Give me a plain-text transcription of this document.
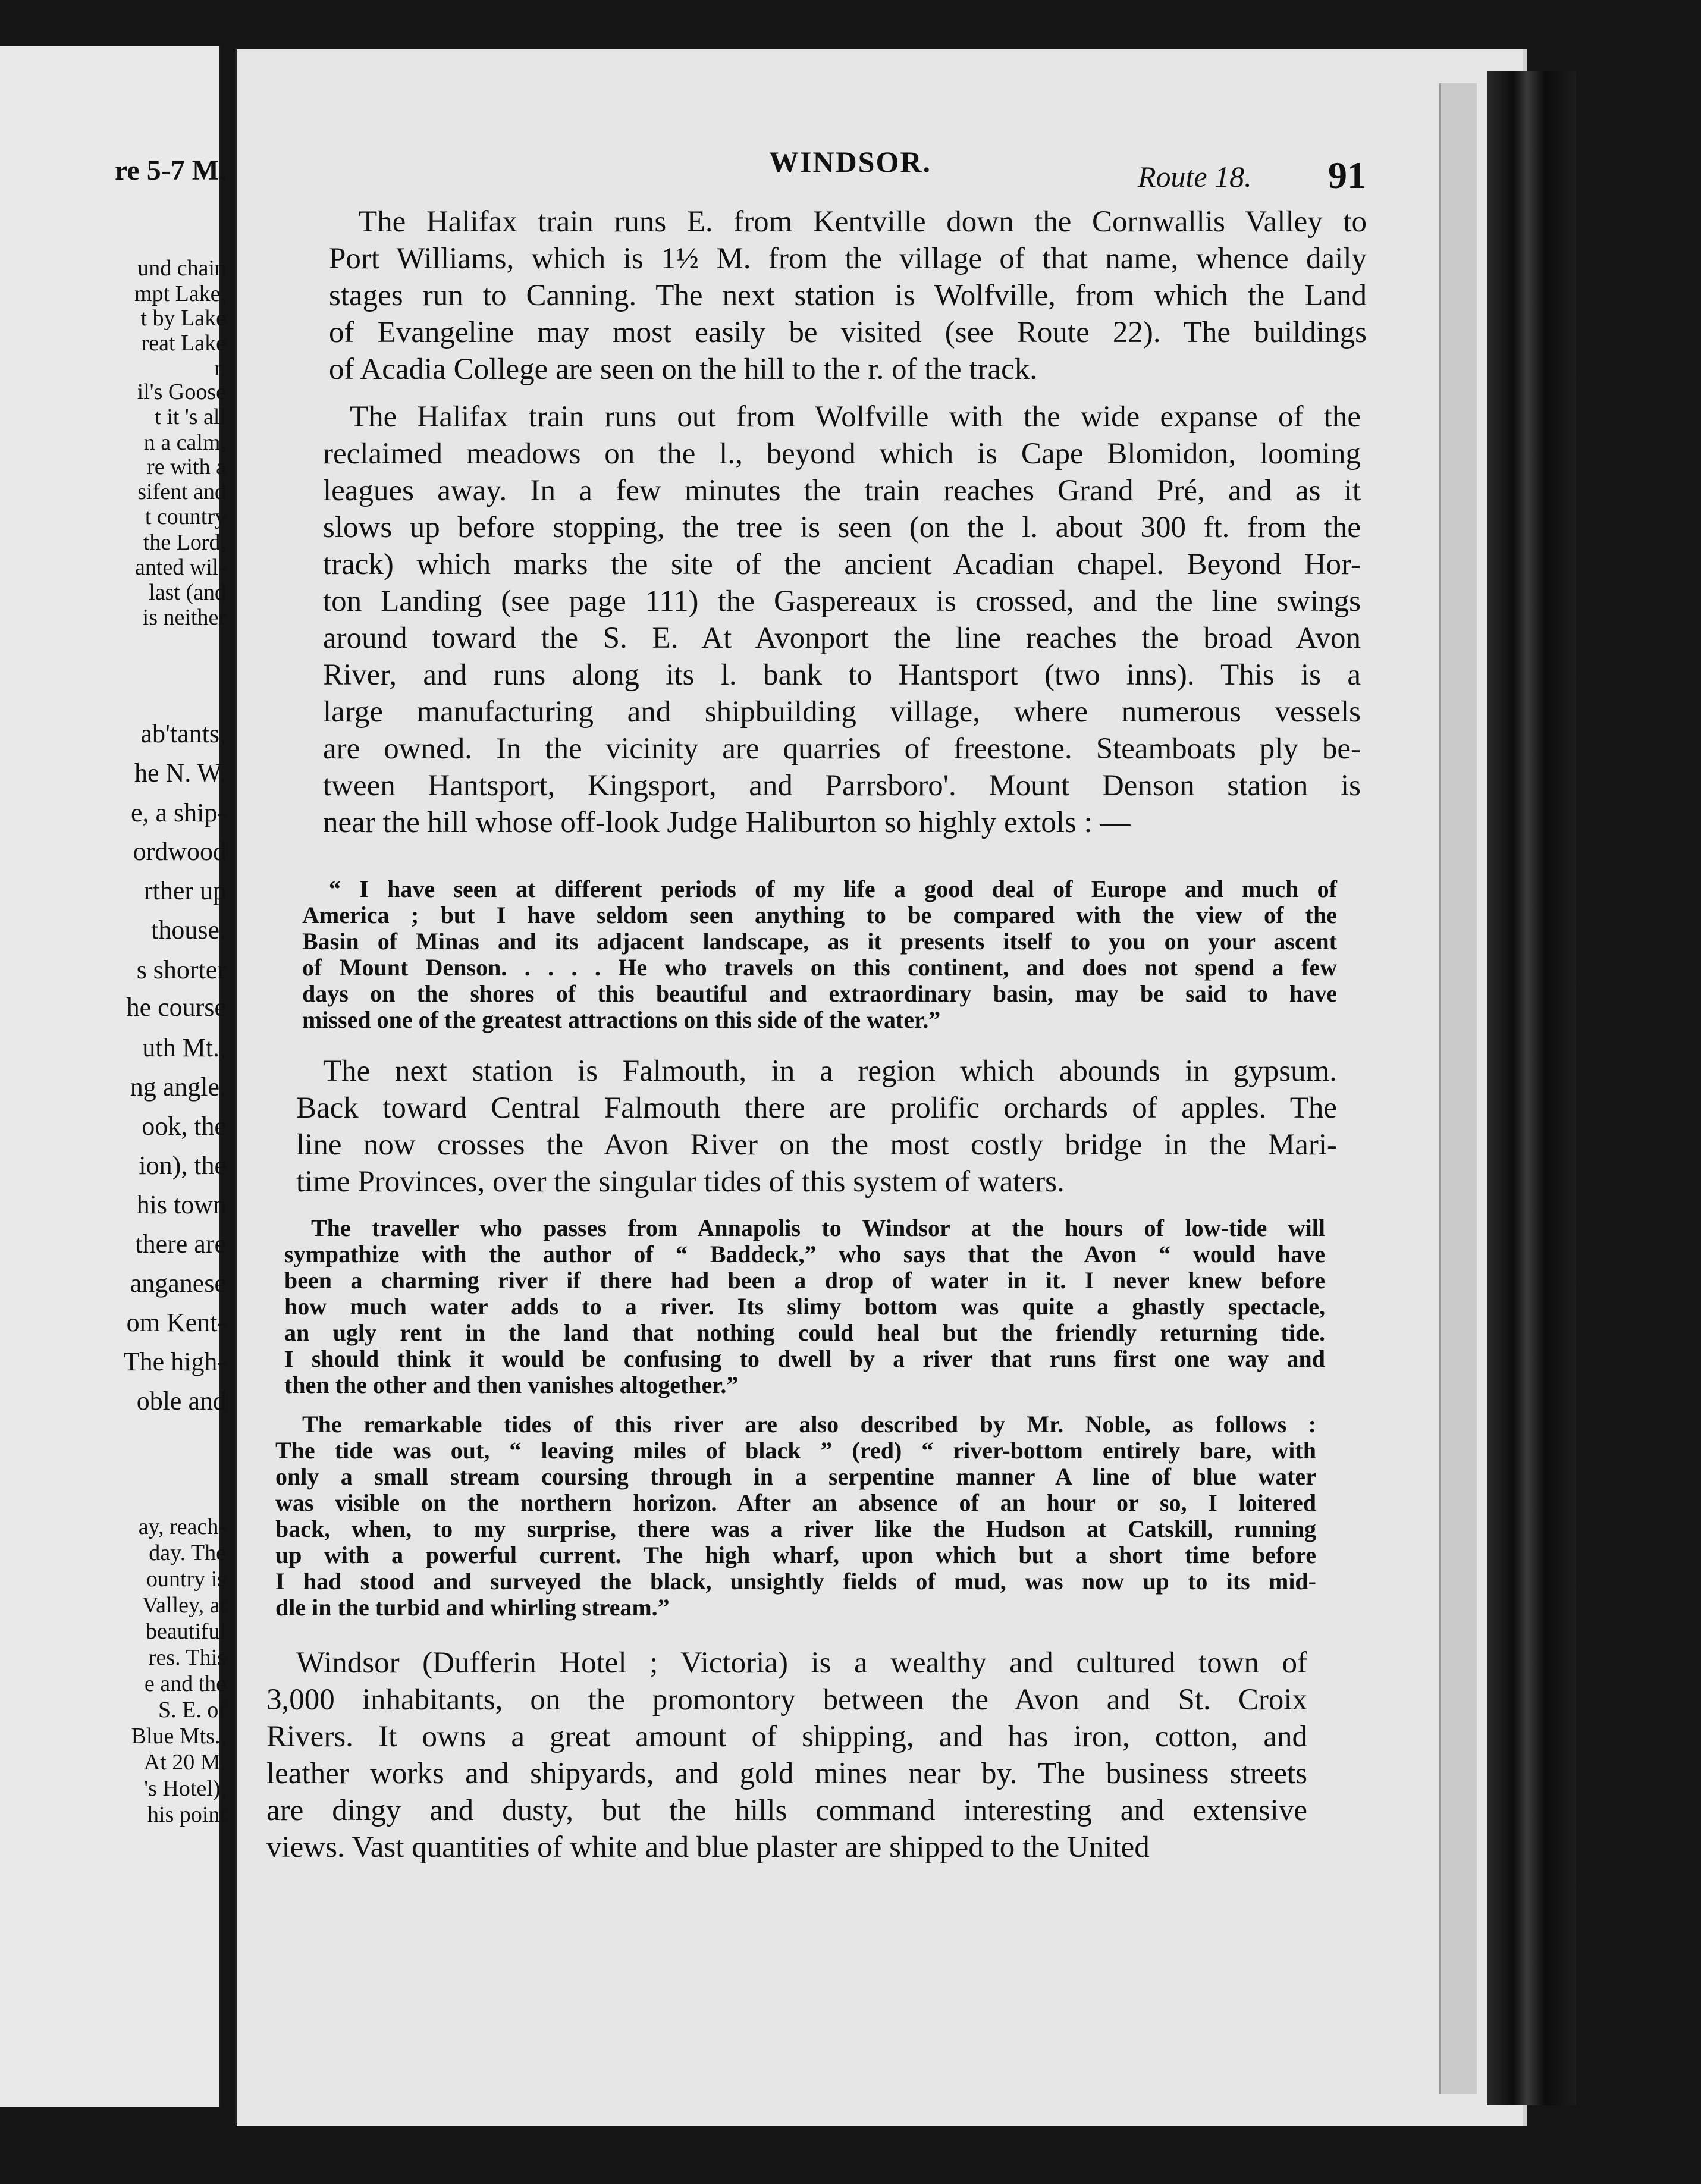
re 5-7 M.
und chain
mpt Lake,
t by Lake
reat Lake
r.
il's Goose
t it 's all
n a calm,
re with a
sifent and
t country
the Lord,
anted wil-
last (and
is neither
ab'tants,
he N. W.
e, a ship-
ordwood
rther up
thouse.
s shorter
he course
uth Mt.,
ng angle.
ook, the
ion), the
his town
there are
anganese
om Kent-
The high-
oble and
ay, reach-
day. The
ountry is
Valley, at
beautiful
res. This
e and the
S. E. of
Blue Mts.,
At 20 M.
's Hotel),
his point
WINDSOR.	Route 18. 91
The Halifax train runs E. from Kentville down the Cornwallis Valley to
Port Williams, which is 1½ M. from the village of that name, whence daily
stages run to Canning. The next station is Wolfville, from which the Land
of Evangeline may most easily be visited (see Route 22). The buildings
of Acadia College are seen on the hill to the r. of the track.
The Halifax train runs out from Wolfville with the wide expanse of the
reclaimed meadows on the l., beyond which is Cape Blomidon, looming
leagues away. In a few minutes the train reaches Grand Pré, and as it
slows up before stopping, the tree is seen (on the l. about 300 ft. from the
track) which marks the site of the ancient Acadian chapel. Beyond Hor-
ton Landing (see page 111) the Gaspereaux is crossed, and the line swings
around toward the S. E. At Avonport the line reaches the broad Avon
River, and runs along its l. bank to Hantsport (two inns). This is a
large manufacturing and shipbuilding village, where numerous vessels
are owned. In the vicinity are quarries of freestone. Steamboats ply be-
tween Hantsport, Kingsport, and Parrsboro'. Mount Denson station is
near the hill whose off-look Judge Haliburton so highly extols : —
“ I have seen at different periods of my life a good deal of Europe and much of
America ; but I have seldom seen anything to be compared with the view of the
Basin of Minas and its adjacent landscape, as it presents itself to you on your ascent
of Mount Denson. . . . . He who travels on this continent, and does not spend a few
days on the shores of this beautiful and extraordinary basin, may be said to have
missed one of the greatest attractions on this side of the water.”
The next station is Falmouth, in a region which abounds in gypsum.
Back toward Central Falmouth there are prolific orchards of apples. The
line now crosses the Avon River on the most costly bridge in the Mari-
time Provinces, over the singular tides of this system of waters.
The traveller who passes from Annapolis to Windsor at the hours of low-tide will
sympathize with the author of “ Baddeck,” who says that the Avon “ would have
been a charming river if there had been a drop of water in it. I never knew before
how much water adds to a river. Its slimy bottom was quite a ghastly spectacle,
an ugly rent in the land that nothing could heal but the friendly returning tide.
I should think it would be confusing to dwell by a river that runs first one way and
then the other and then vanishes altogether.”
The remarkable tides of this river are also described by Mr. Noble, as follows :
The tide was out, “ leaving miles of black ” (red) “ river-bottom entirely bare, with
only a small stream coursing through in a serpentine manner A line of blue water
was visible on the northern horizon. After an absence of an hour or so, I loitered
back, when, to my surprise, there was a river like the Hudson at Catskill, running
up with a powerful current. The high wharf, upon which but a short time before
I had stood and surveyed the black, unsightly fields of mud, was now up to its mid-
dle in the turbid and whirling stream.”
Windsor (Dufferin Hotel ; Victoria) is a wealthy and cultured town of
3,000 inhabitants, on the promontory between the Avon and St. Croix
Rivers. It owns a great amount of shipping, and has iron, cotton, and
leather works and shipyards, and gold mines near by. The business streets
are dingy and dusty, but the hills command interesting and extensive
views. Vast quantities of white and blue plaster are shipped to the United
